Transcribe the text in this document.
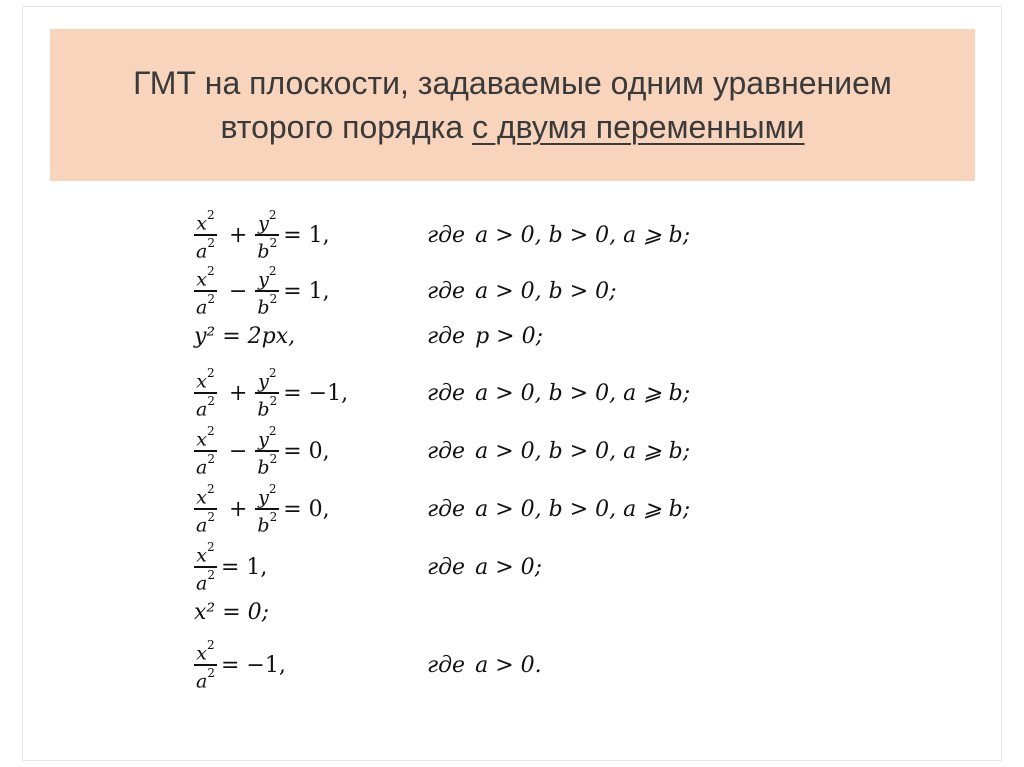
ГМТ на плоскости, задаваемые одним уравнением
второго порядка с двумя переменными
$\frac{x^2}{a^2} + \frac{y^2}{b^2} = 1$,	где a > 0, b > 0, a ⩾ b;
$\frac{x^2}{a^2} - \frac{y^2}{b^2} = 1$,	где a > 0, b > 0;
y² = 2px,	где p > 0;
$\frac{x^2}{a^2} + \frac{y^2}{b^2} = -1$,	где a > 0, b > 0, a ⩾ b;
$\frac{x^2}{a^2} - \frac{y^2}{b^2} = 0$,	где a > 0, b > 0, a ⩾ b;
$\frac{x^2}{a^2} + \frac{y^2}{b^2} = 0$,	где a > 0, b > 0, a ⩾ b;
$\frac{x^2}{a^2} = 1$,	где a > 0;
x² = 0;
$\frac{x^2}{a^2} = -1$,	где a > 0.
